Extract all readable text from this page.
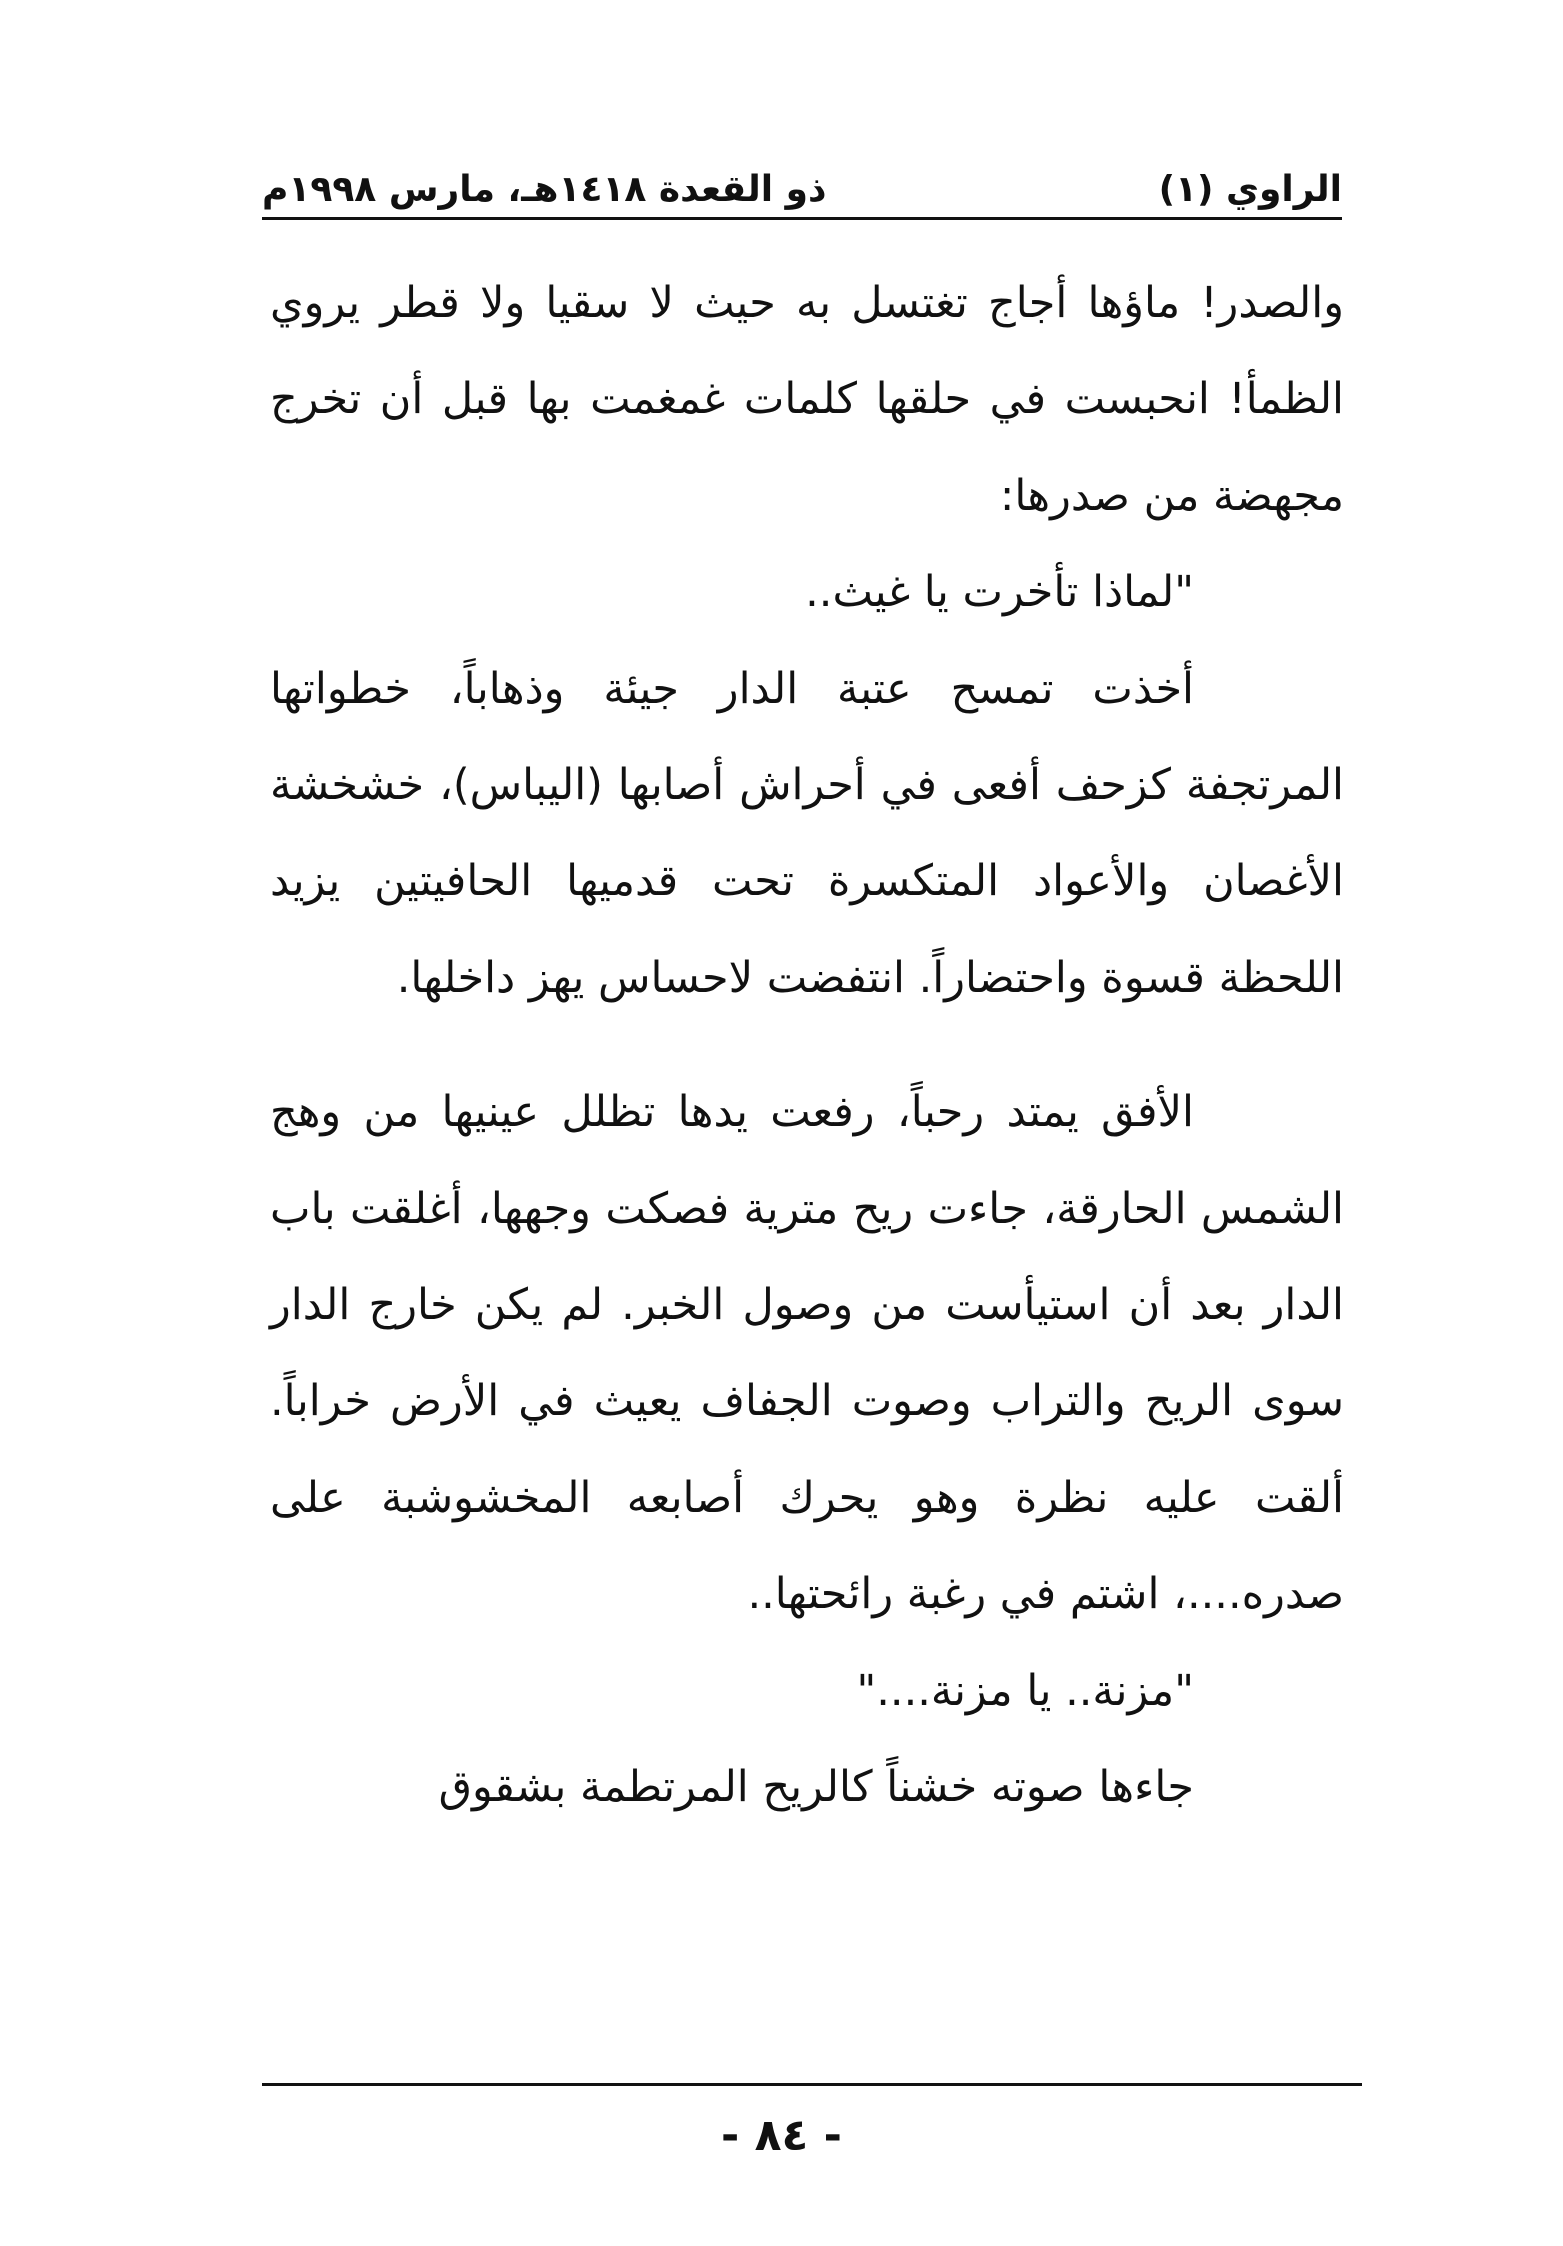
الراوي (١)
ذو القعدة ١٤١٨هـ، مارس ١٩٩٨م

والصدر! ماؤها أجاج تغتسل به حيث لا سقيا ولا قطر يروي الظمأ! انحبست في حلقها كلمات غمغمت بها قبل أن تخرج مجهضة من صدرها:

"لماذا تأخرت يا غيث..

أخذت تمسح عتبة الدار جيئة وذهاباً، خطواتها المرتجفة كزحف أفعى في أحراش أصابها (اليباس)، خشخشة الأغصان والأعواد المتكسرة تحت قدميها الحافيتين يزيد اللحظة قسوة واحتضاراً. انتفضت لاحساس يهز داخلها.

الأفق يمتد رحباً، رفعت يدها تظلل عينيها من وهج الشمس الحارقة، جاءت ريح مترية فصكت وجهها، أغلقت باب الدار بعد أن استيأست من وصول الخبر. لم يكن خارج الدار سوى الريح والتراب وصوت الجفاف يعيث في الأرض خراباً. ألقت عليه نظرة وهو يحرك أصابعه المخشوشبة على صدره....، اشتم في رغبة رائحتها..

"مزنة.. يا مزنة...."

جاءها صوته خشناً كالريح المرتطمة بشقوق

- ٨٤ -
